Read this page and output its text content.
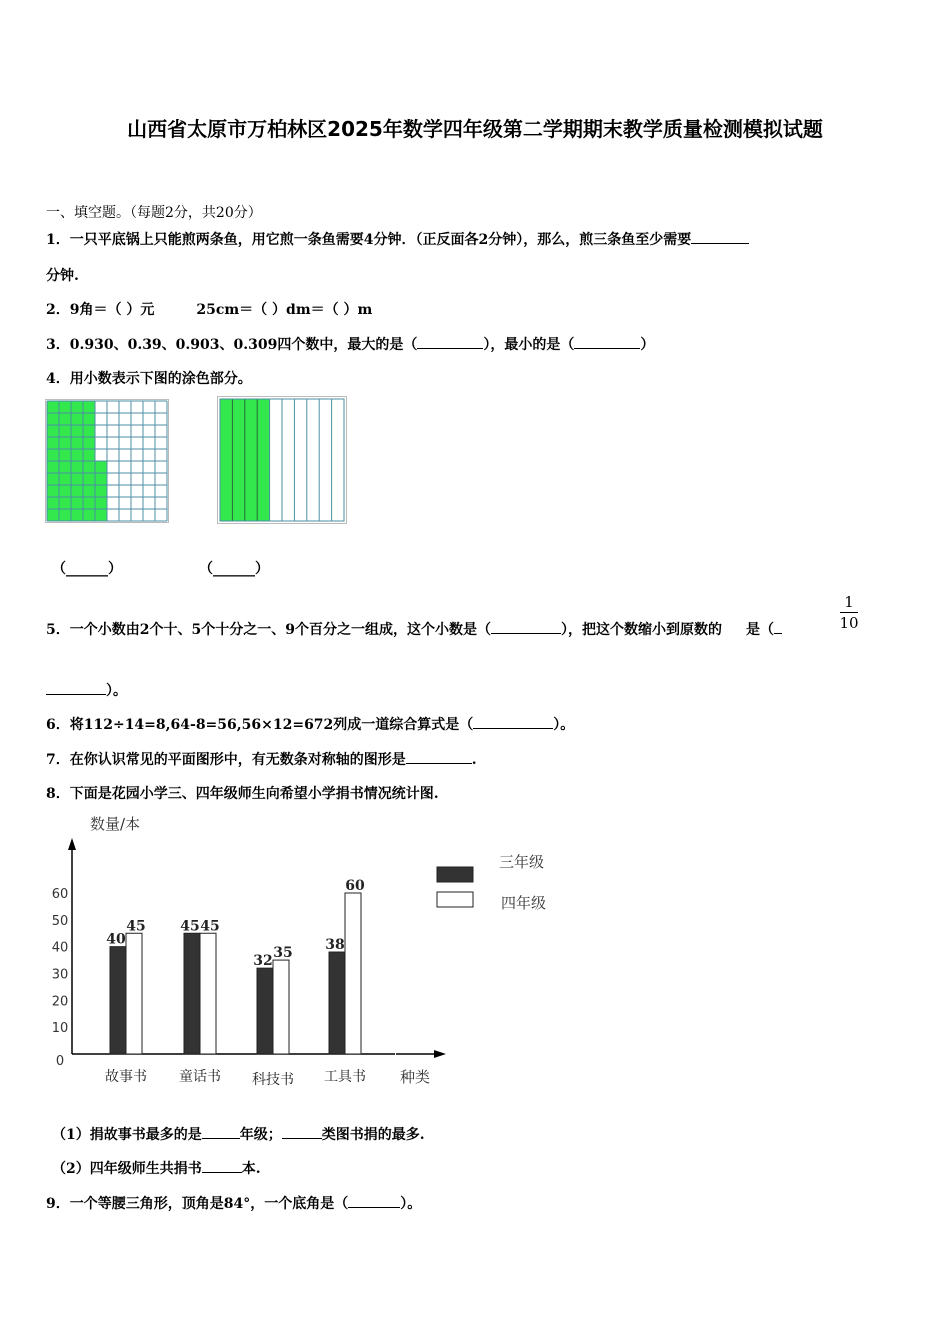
山西省太原市万柏林区2025年数学四年级第二学期期末教学质量检测模拟试题
一、填空题。（每题2分，共20分）
1．一只平底锅上只能煎两条鱼，用它煎一条鱼需要4分钟．（正反面各2分钟），那么，煎三条鱼至少需要
分钟.
2．9角＝（ ）元	25cm＝（ ）dm＝（ ）m
3．0.930、0.39、0.903、0.309四个数中，最大的是（	），最小的是（	）
4．用小数表示下图的涂色部分。
（______）	（______）
5．一个小数由2个十、5个十分之一、9个百分之一组成，这个小数是（	），把这个数缩小到原数的 是（
1
10
）。
6．将112÷14=8,64-8=56,56×12=672列成一道综合算式是（	）。
7．在你认识常见的平面图形中，有无数条对称轴的图形是	.
8．下面是花园小学三、四年级师生向希望小学捐书情况统计图.
数量/本
0
10
20
30
40
50
60
40
45
故事书
45 45
童话书
32
35
科技书
38
60
工具书 种类
三年级
四年级
（1）捐故事书最多的是	年级；	类图书捐的最多.
（2）四年级师生共捐书	本.
9．一个等腰三角形，顶角是84°，一个底角是（	）。
